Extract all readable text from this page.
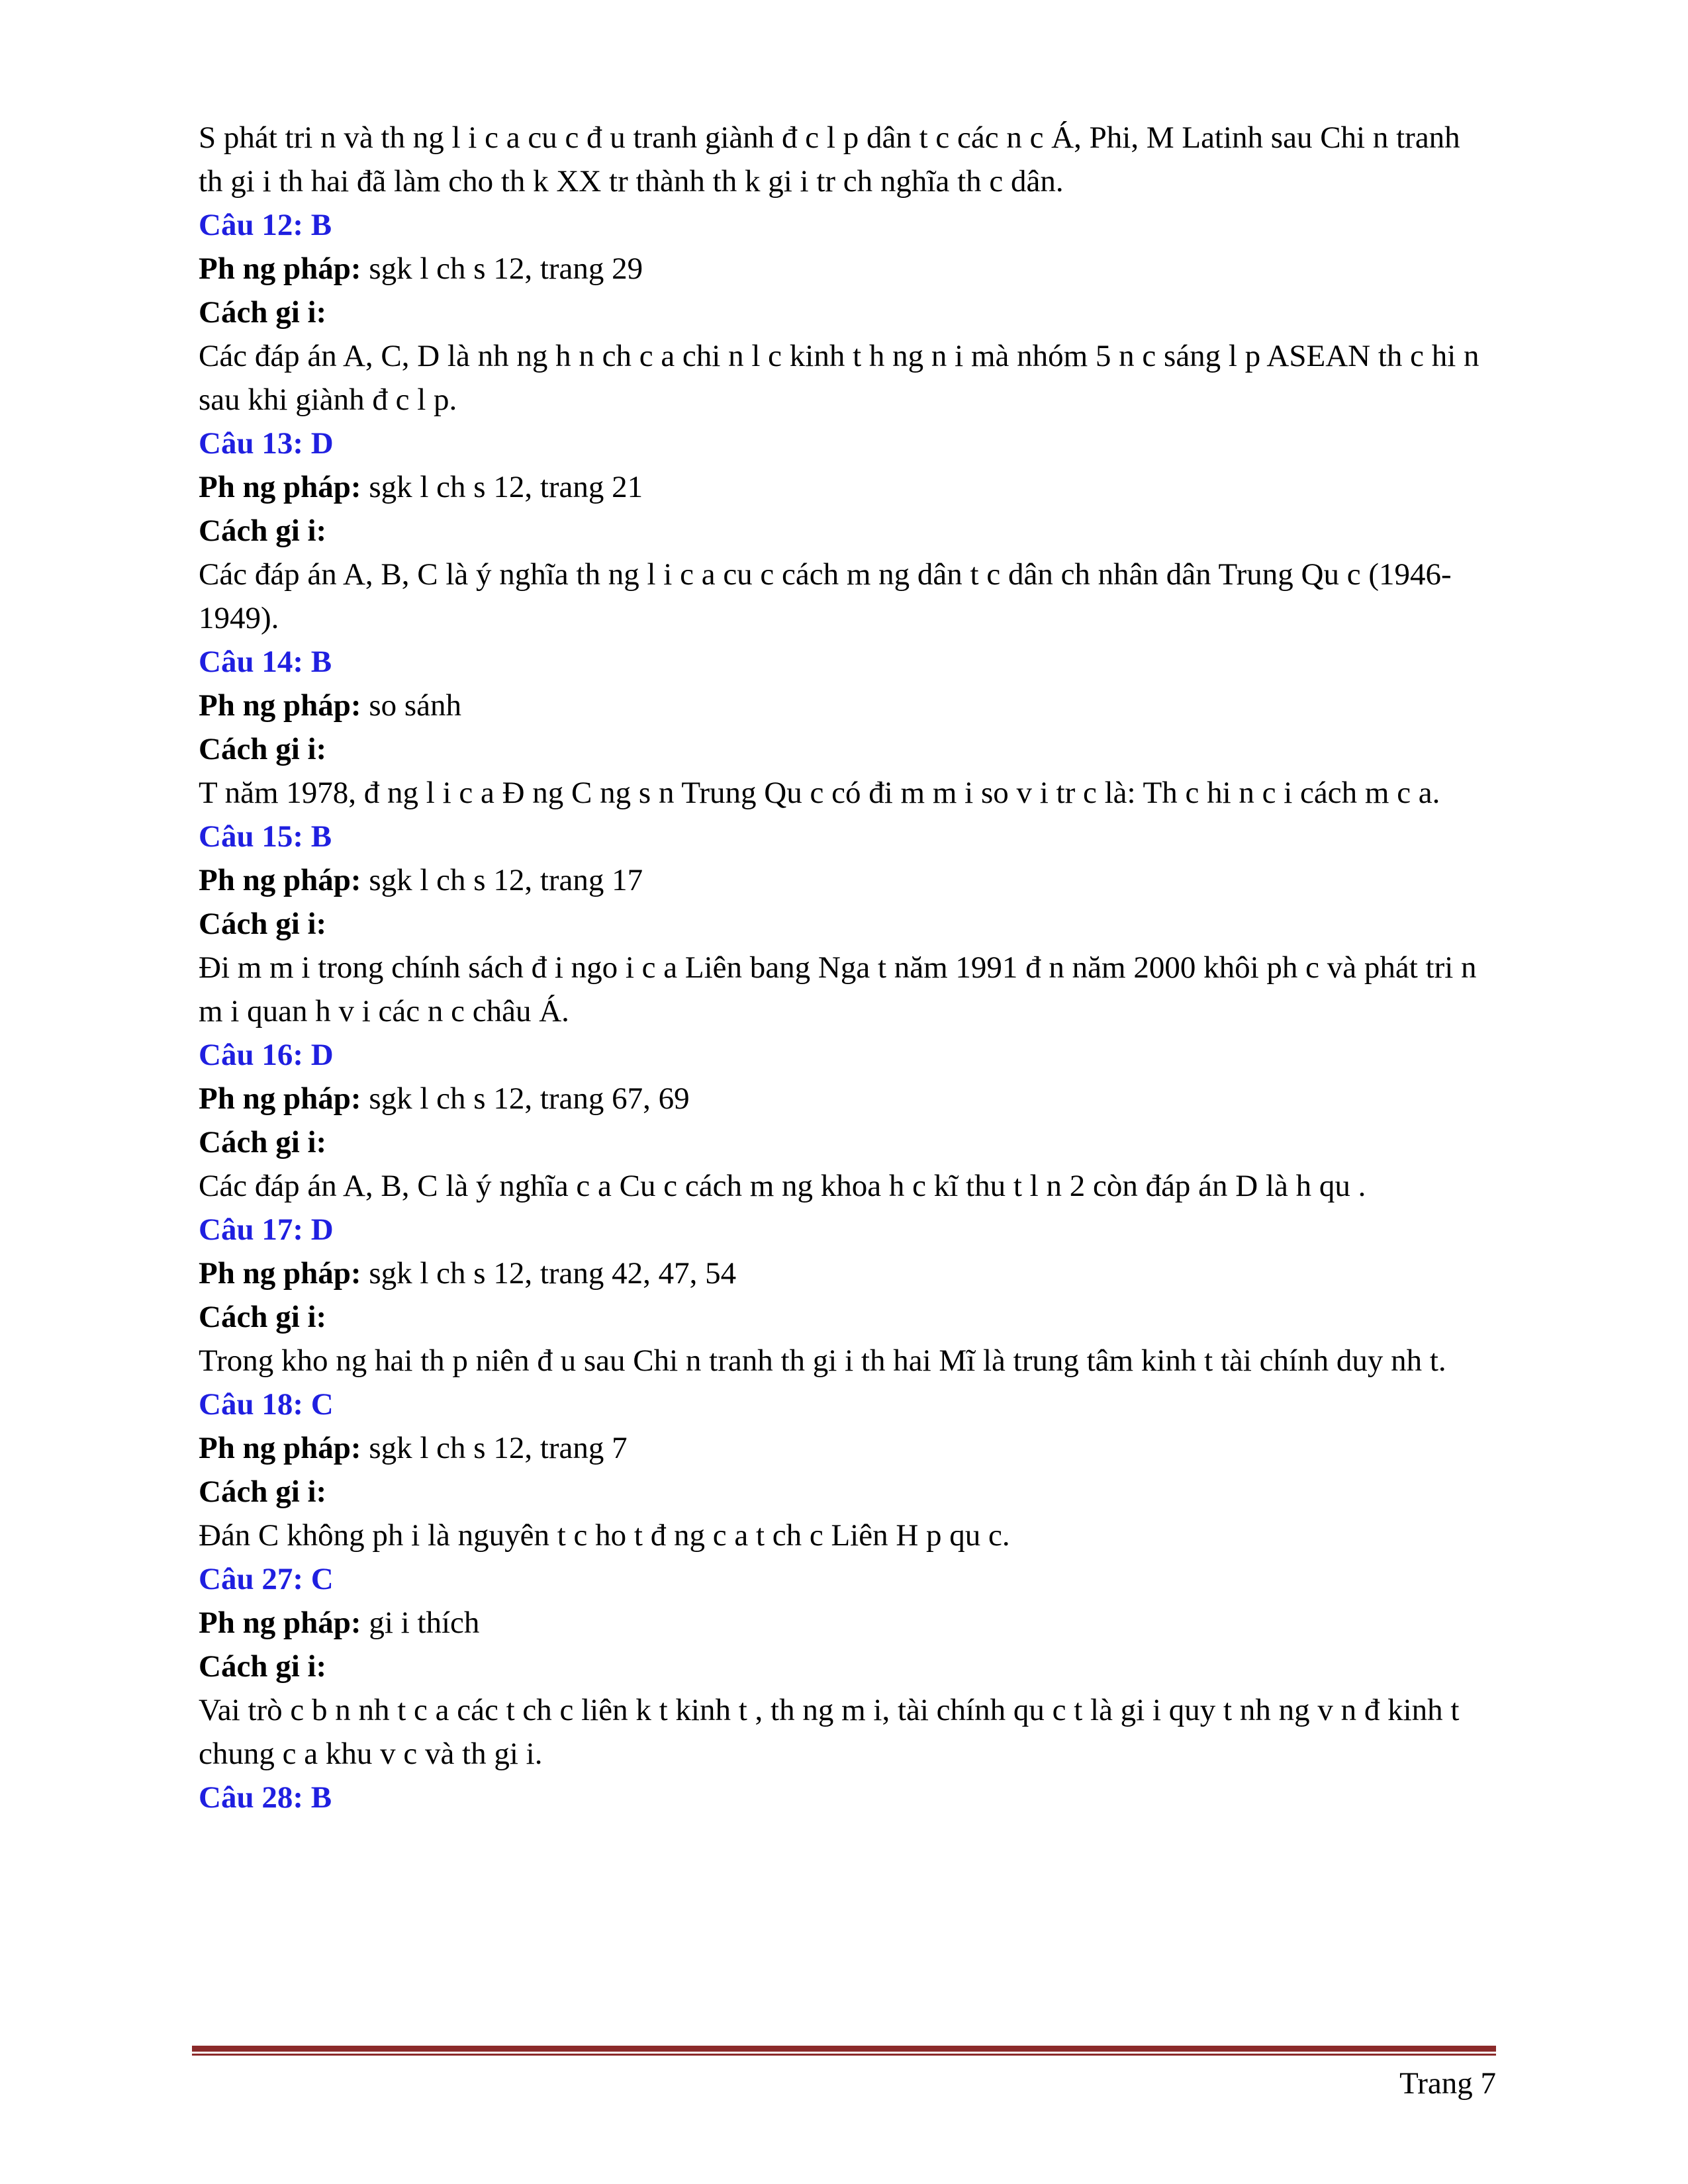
S phát tri n và th ng l i c a cu c đ u tranh giành đ c l p dân t c các n c Á, Phi, M Latinh sau Chi n tranh th gi i th hai đã làm cho th k XX tr thành th k gi i tr ch nghĩa th c dân.

Câu 12: B

Ph ng pháp: sgk l ch s 12, trang 29

Cách gi i:

Các đáp án A, C, D là nh ng h n ch c a chi n l c kinh t h ng n i mà nhóm 5 n c sáng l p ASEAN th c hi n sau khi giành đ c l p.

Câu 13: D

Ph ng pháp: sgk l ch s 12, trang 21

Cách gi i:

Các đáp án A, B, C là ý nghĩa th ng l i c a cu c cách m ng dân t c dân ch nhân dân Trung Qu c (1946-1949).

Câu 14: B

Ph ng pháp: so sánh

Cách gi i:

T năm 1978, đ ng l i c a Đ ng C ng s n Trung Qu c có đi m m i so v i tr c là: Th c hi n c i cách m c a.

Câu 15: B

Ph ng pháp: sgk l ch s 12, trang 17

Cách gi i:

Đi m m i trong chính sách đ i ngo i c a Liên bang Nga t năm 1991 đ n năm 2000 khôi ph c và phát tri n m i quan h v i các n c châu Á.

Câu 16: D

Ph ng pháp: sgk l ch s 12, trang 67, 69

Cách gi i:

Các đáp án A, B, C là ý nghĩa c a Cu c cách m ng khoa h c kĩ thu t l n 2 còn đáp án D là h qu .

Câu 17: D

Ph ng pháp: sgk l ch s 12, trang 42, 47, 54

Cách gi i:

Trong kho ng hai th p niên đ u sau Chi n tranh th gi i th hai Mĩ là trung tâm kinh t tài chính duy nh t.

Câu 18: C

Ph ng pháp: sgk l ch s 12, trang 7

Cách gi i:

Đán C không ph i là nguyên t c ho t đ ng c a t ch c Liên H p qu c.

Câu 27: C

Ph ng pháp: gi i thích

Cách gi i:

Vai trò c b n nh t c a các t ch c liên k t kinh t , th ng m i, tài chính qu c t là gi i quy t nh ng v n đ kinh t chung c a khu v c và th gi i.

Câu 28: B

Trang 7
